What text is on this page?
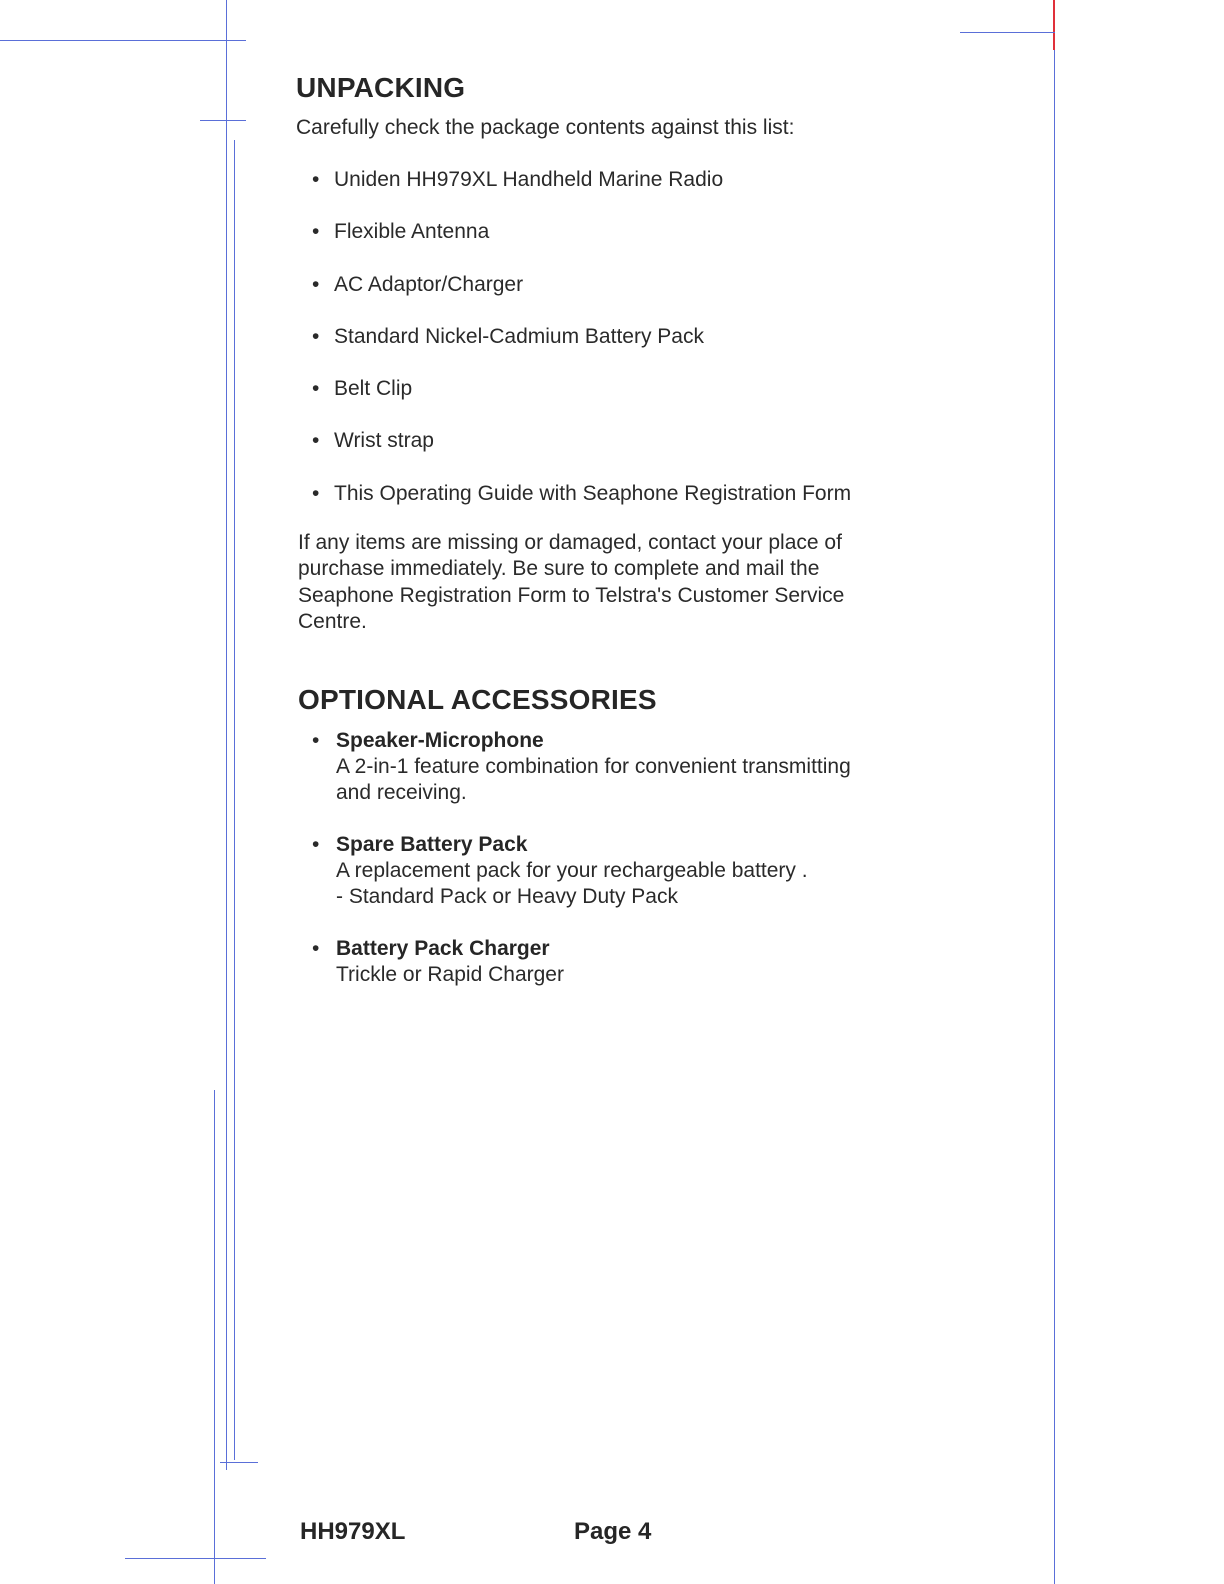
UNPACKING
Carefully check the package contents against this list:
• Uniden HH979XL Handheld Marine Radio
• Flexible Antenna
• AC Adaptor/Charger
• Standard Nickel-Cadmium Battery Pack
• Belt Clip
• Wrist strap
• This Operating Guide with Seaphone Registration Form
If any items are missing or damaged, contact your place of
purchase immediately. Be sure to complete and mail the
Seaphone Registration Form to Telstra's Customer Service
Centre.
OPTIONAL ACCESSORIES
• Speaker-Microphone
A 2-in-1 feature combination for convenient transmitting
and receiving.
• Spare Battery Pack
A replacement pack for your rechargeable battery .
- Standard Pack or Heavy Duty Pack
• Battery Pack Charger
Trickle or Rapid Charger
HH979XL	Page 4
